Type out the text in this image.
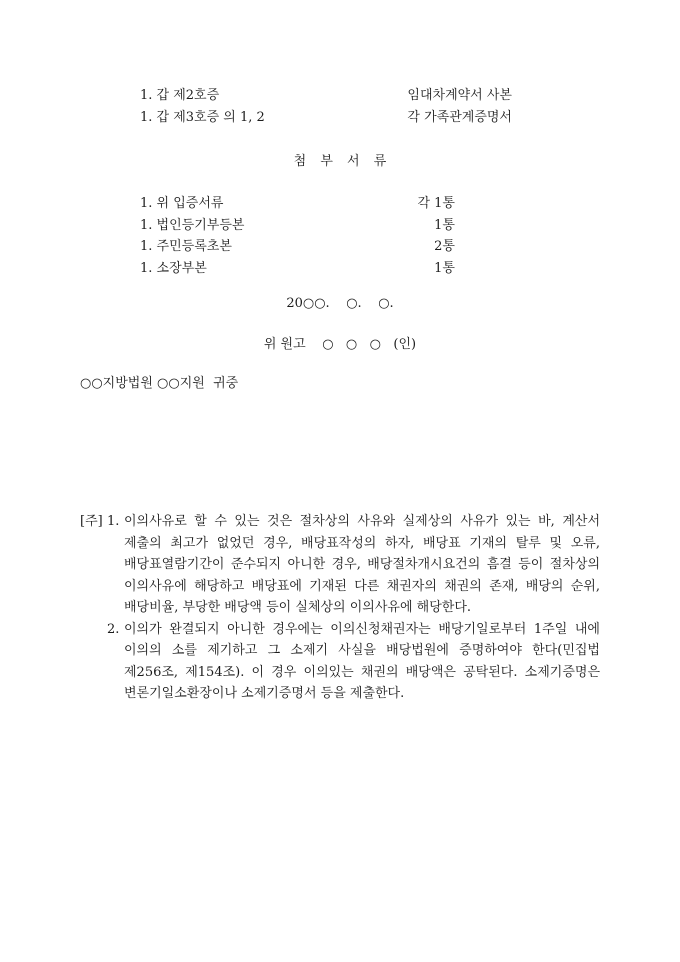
1. 갑 제2호증	임대차계약서 사본
1. 갑 제3호증 의 1, 2	각 가족관계증명서
첨 부 서 류
1. 위 입증서류	각 1통
1. 법인등기부등본	1통
1. 주민등록초본	2통
1. 소장부본	1통
20○○.    ○.    ○.
위 원고    ○   ○   ○   (인)
○○지방법원 ○○지원  귀중
[주] 1. 이의사유로 할 수 있는 것은 절차상의 사유와 실제상의 사유가 있는 바, 계산서 제출의 최고가 없었던 경우, 배당표작성의 하자, 배당표 기재의 탈루 및 오류, 배당표열람기간이 준수되지 아니한 경우, 배당절차개시요건의 흠결 등이 절차상의 이의사유에 해당하고 배당표에 기재된 다른 채권자의 채권의 존재, 배당의 순위, 배당비율, 부당한 배당액 등이 실체상의 이의사유에 해당한다.
2. 이의가 완결되지 아니한 경우에는 이의신청채권자는 배당기일로부터 1주일 내에 이의의 소를 제기하고 그 소제기 사실을 배당법원에 증명하여야 한다(민집법 제256조, 제154조). 이 경우 이의있는 채권의 배당액은 공탁된다. 소제기증명은 변론기일소환장이나 소제기증명서 등을 제출한다.
